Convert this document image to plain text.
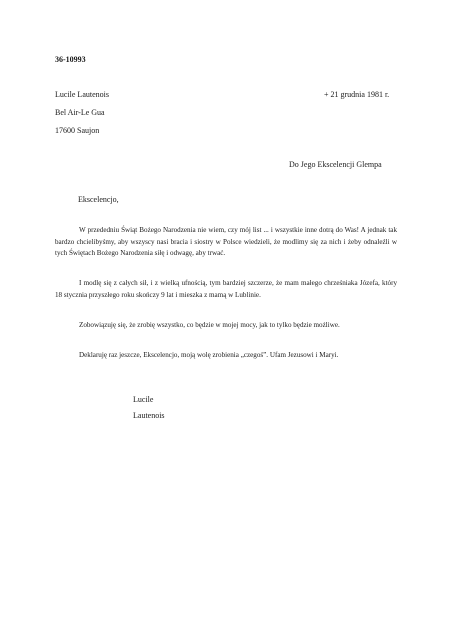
36-10993
Lucile Lautenois	+ 21 grudnia 1981 r.
Bel Air-Le Gua
17600 Saujon
Do Jego Ekscelencji Glempa
Ekscelencjo,
W przededniu Świąt Bożego Narodzenia nie wiem, czy mój list ... i wszystkie inne dotrą do Was! A jednak tak bardzo chcielibyśmy, aby wszyscy nasi bracia i siostry w Polsce wiedzieli, że modlimy się za nich i żeby odnaleźli w tych Świętach Bożego Narodzenia siłę i odwagę, aby trwać.
I modlę się z całych sił, i z wielką ufnością, tym bardziej szczerze, że mam małego chrześniaka Józefa, który 18 stycznia przyszłego roku skończy 9 lat i mieszka z mamą w Lublinie.
Zobowiązuję się, że zrobię wszystko, co będzie w mojej mocy, jak to tylko będzie możliwe.
Deklaruję raz jeszcze, Ekscelencjo, moją wolę zrobienia „czegoś”. Ufam Jezusowi i Maryi.
Lucile
Lautenois
